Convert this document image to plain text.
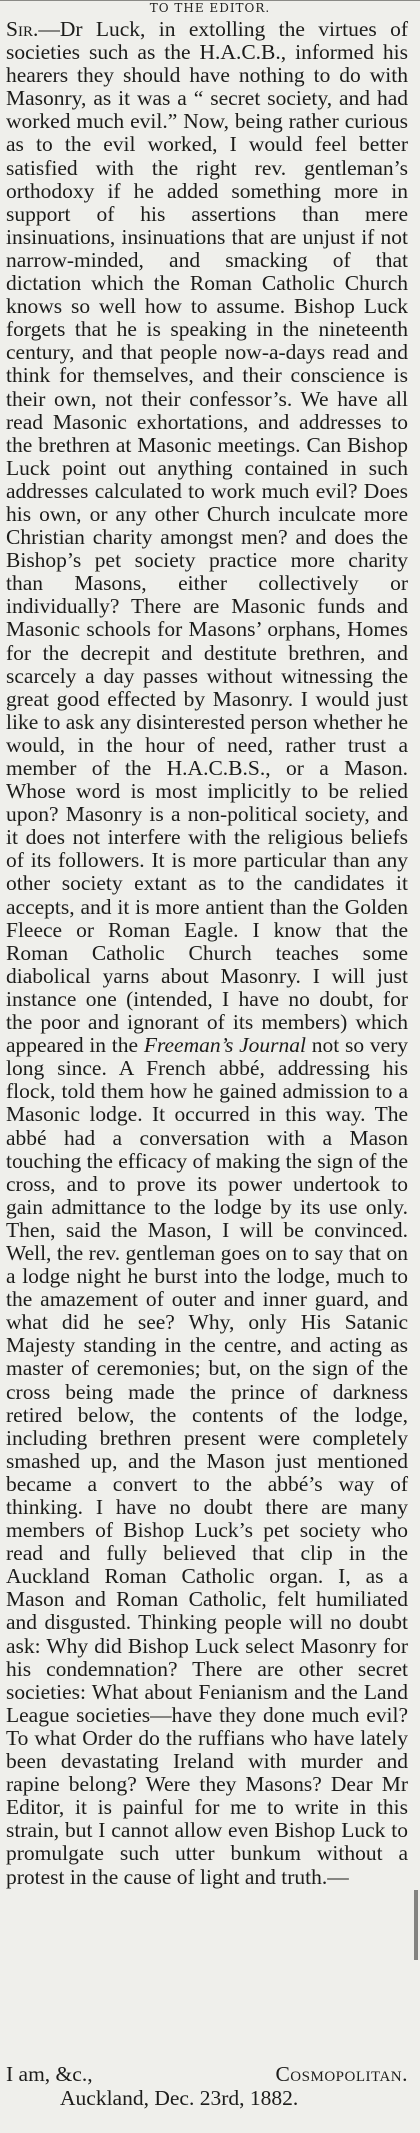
TO THE EDITOR.

Sir.—Dr Luck, in extolling the virtues of societies such as the H.A.C.B., informed his hearers they should have nothing to do with Masonry, as it was a “ secret society, and had worked much evil.” Now, being rather curious as to the evil worked, I would feel better satisfied with the right rev. gentleman’s orthodoxy if he added something more in support of his assertions than mere insinuations, insinuations that are unjust if not narrow-minded, and smacking of that dictation which the Roman Catholic Church knows so well how to assume. Bishop Luck forgets that he is speaking in the nineteenth century, and that people now-a-days read and think for themselves, and their conscience is their own, not their confessor’s. We have all read Masonic exhortations, and addresses to the brethren at Masonic meetings. Can Bishop Luck point out anything contained in such addresses calculated to work much evil? Does his own, or any other Church inculcate more Christian charity amongst men? and does the Bishop’s pet society practice more charity than Masons, either collectively or individually? There are Masonic funds and Masonic schools for Masons’ orphans, Homes for the decrepit and destitute brethren, and scarcely a day passes without witnessing the great good effected by Masonry. I would just like to ask any disinterested person whether he would, in the hour of need, rather trust a member of the H.A.C.B.S., or a Mason. Whose word is most implicitly to be relied upon? Masonry is a non-political society, and it does not interfere with the religious beliefs of its followers. It is more particular than any other society extant as to the candidates it accepts, and it is more antient than the Golden Fleece or Roman Eagle. I know that the Roman Catholic Church teaches some diabolical yarns about Masonry. I will just instance one (intended, I have no doubt, for the poor and ignorant of its members) which appeared in the Freeman’s Journal not so very long since. A French abbé, addressing his flock, told them how he gained admission to a Masonic lodge. It occurred in this way. The abbé had a conversation with a Mason touching the efficacy of making the sign of the cross, and to prove its power undertook to gain admittance to the lodge by its use only. Then, said the Mason, I will be convinced. Well, the rev. gentleman goes on to say that on a lodge night he burst into the lodge, much to the amazement of outer and inner guard, and what did he see? Why, only His Satanic Majesty standing in the centre, and acting as master of ceremonies; but, on the sign of the cross being made the prince of darkness retired below, the contents of the lodge, including brethren present were completely smashed up, and the Mason just mentioned became a convert to the abbé’s way of thinking. I have no doubt there are many members of Bishop Luck’s pet society who read and fully believed that clip in the Auckland Roman Catholic organ. I, as a Mason and Roman Catholic, felt humiliated and disgusted. Thinking people will no doubt ask: Why did Bishop Luck select Masonry for his condemnation? There are other secret societies: What about Fenianism and the Land League societies—have they done much evil? To what Order do the ruffians who have lately been devastating Ireland with murder and rapine belong? Were they Masons? Dear Mr Editor, it is painful for me to write in this strain, but I cannot allow even Bishop Luck to promulgate such utter bunkum without a protest in the cause of light and truth.—

I am, &c.,	Cosmopolitan.
Auckland, Dec. 23rd, 1882.
